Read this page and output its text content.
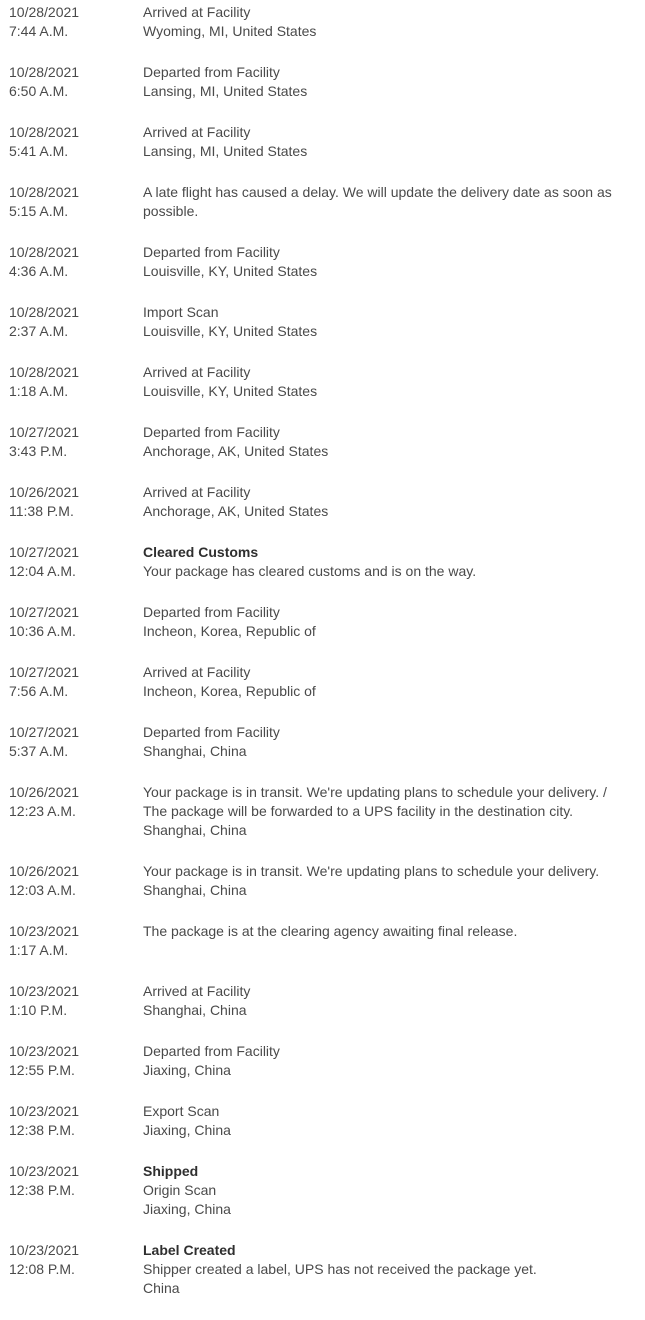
10/28/2021
7:44 A.M.
Arrived at Facility
Wyoming, MI, United States
10/28/2021
6:50 A.M.
Departed from Facility
Lansing, MI, United States
10/28/2021
5:41 A.M.
Arrived at Facility
Lansing, MI, United States
10/28/2021
5:15 A.M.
A late flight has caused a delay. We will update the delivery date as soon as possible.
10/28/2021
4:36 A.M.
Departed from Facility
Louisville, KY, United States
10/28/2021
2:37 A.M.
Import Scan
Louisville, KY, United States
10/28/2021
1:18 A.M.
Arrived at Facility
Louisville, KY, United States
10/27/2021
3:43 P.M.
Departed from Facility
Anchorage, AK, United States
10/26/2021
11:38 P.M.
Arrived at Facility
Anchorage, AK, United States
10/27/2021
12:04 A.M.
Cleared Customs
Your package has cleared customs and is on the way.
10/27/2021
10:36 A.M.
Departed from Facility
Incheon, Korea, Republic of
10/27/2021
7:56 A.M.
Arrived at Facility
Incheon, Korea, Republic of
10/27/2021
5:37 A.M.
Departed from Facility
Shanghai, China
10/26/2021
12:23 A.M.
Your package is in transit. We're updating plans to schedule your delivery. / The package will be forwarded to a UPS facility in the destination city.
Shanghai, China
10/26/2021
12:03 A.M.
Your package is in transit. We're updating plans to schedule your delivery.
Shanghai, China
10/23/2021
1:17 A.M.
The package is at the clearing agency awaiting final release.
10/23/2021
1:10 P.M.
Arrived at Facility
Shanghai, China
10/23/2021
12:55 P.M.
Departed from Facility
Jiaxing, China
10/23/2021
12:38 P.M.
Export Scan
Jiaxing, China
10/23/2021
12:38 P.M.
Shipped
Origin Scan
Jiaxing, China
10/23/2021
12:08 P.M.
Label Created
Shipper created a label, UPS has not received the package yet.
China
